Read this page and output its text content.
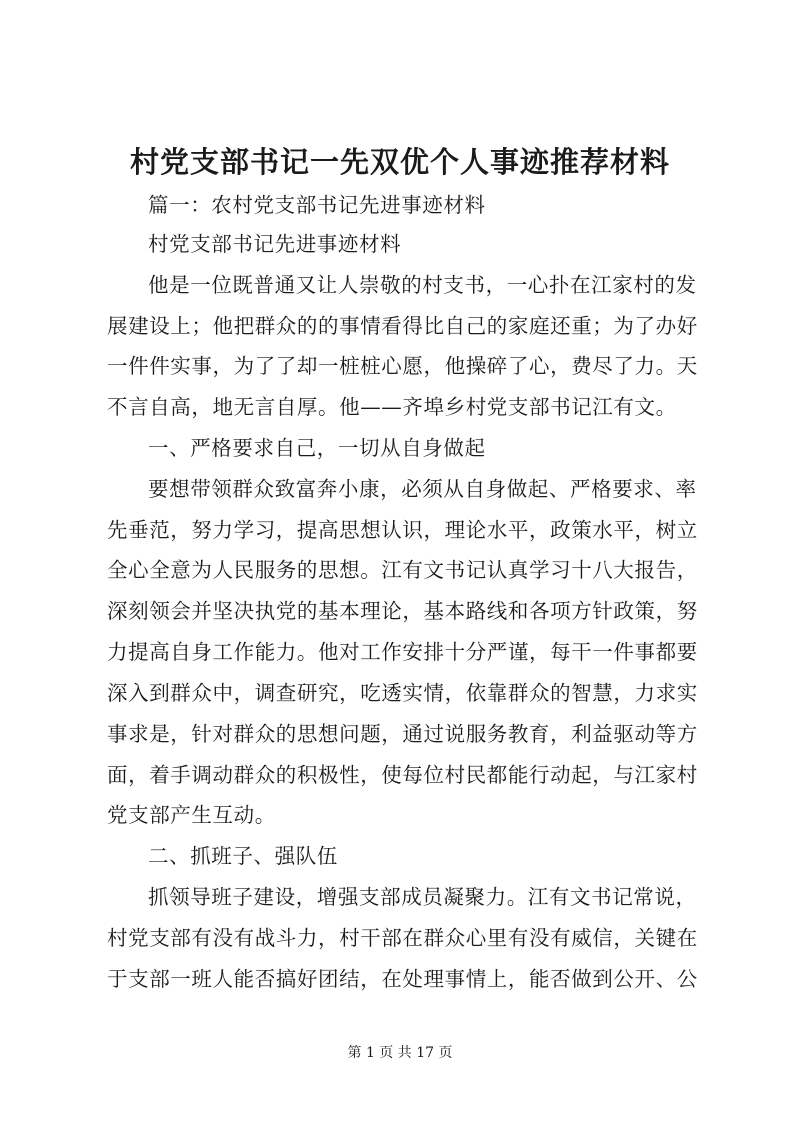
村党支部书记一先双优个人事迹推荐材料
篇一：农村党支部书记先进事迹材料
村党支部书记先进事迹材料
他是一位既普通又让人崇敬的村支书，一心扑在江家村的发
展建设上；他把群众的的事情看得比自己的家庭还重；为了办好
一件件实事，为了了却一桩桩心愿，他操碎了心，费尽了力。天
不言自高，地无言自厚。他——齐埠乡村党支部书记江有文。
一、严格要求自己，一切从自身做起
要想带领群众致富奔小康，必须从自身做起、严格要求、率
先垂范，努力学习，提高思想认识，理论水平，政策水平，树立
全心全意为人民服务的思想。江有文书记认真学习十八大报告，
深刻领会并坚决执党的基本理论，基本路线和各项方针政策，努
力提高自身工作能力。他对工作安排十分严谨，每干一件事都要
深入到群众中，调查研究，吃透实情，依靠群众的智慧，力求实
事求是，针对群众的思想问题，通过说服务教育，利益驱动等方
面，着手调动群众的积极性，使每位村民都能行动起，与江家村
党支部产生互动。
二、抓班子、强队伍
抓领导班子建设，增强支部成员凝聚力。江有文书记常说，
村党支部有没有战斗力，村干部在群众心里有没有威信，关键在
于支部一班人能否搞好团结，在处理事情上，能否做到公开、公
第 1 页 共 17 页
